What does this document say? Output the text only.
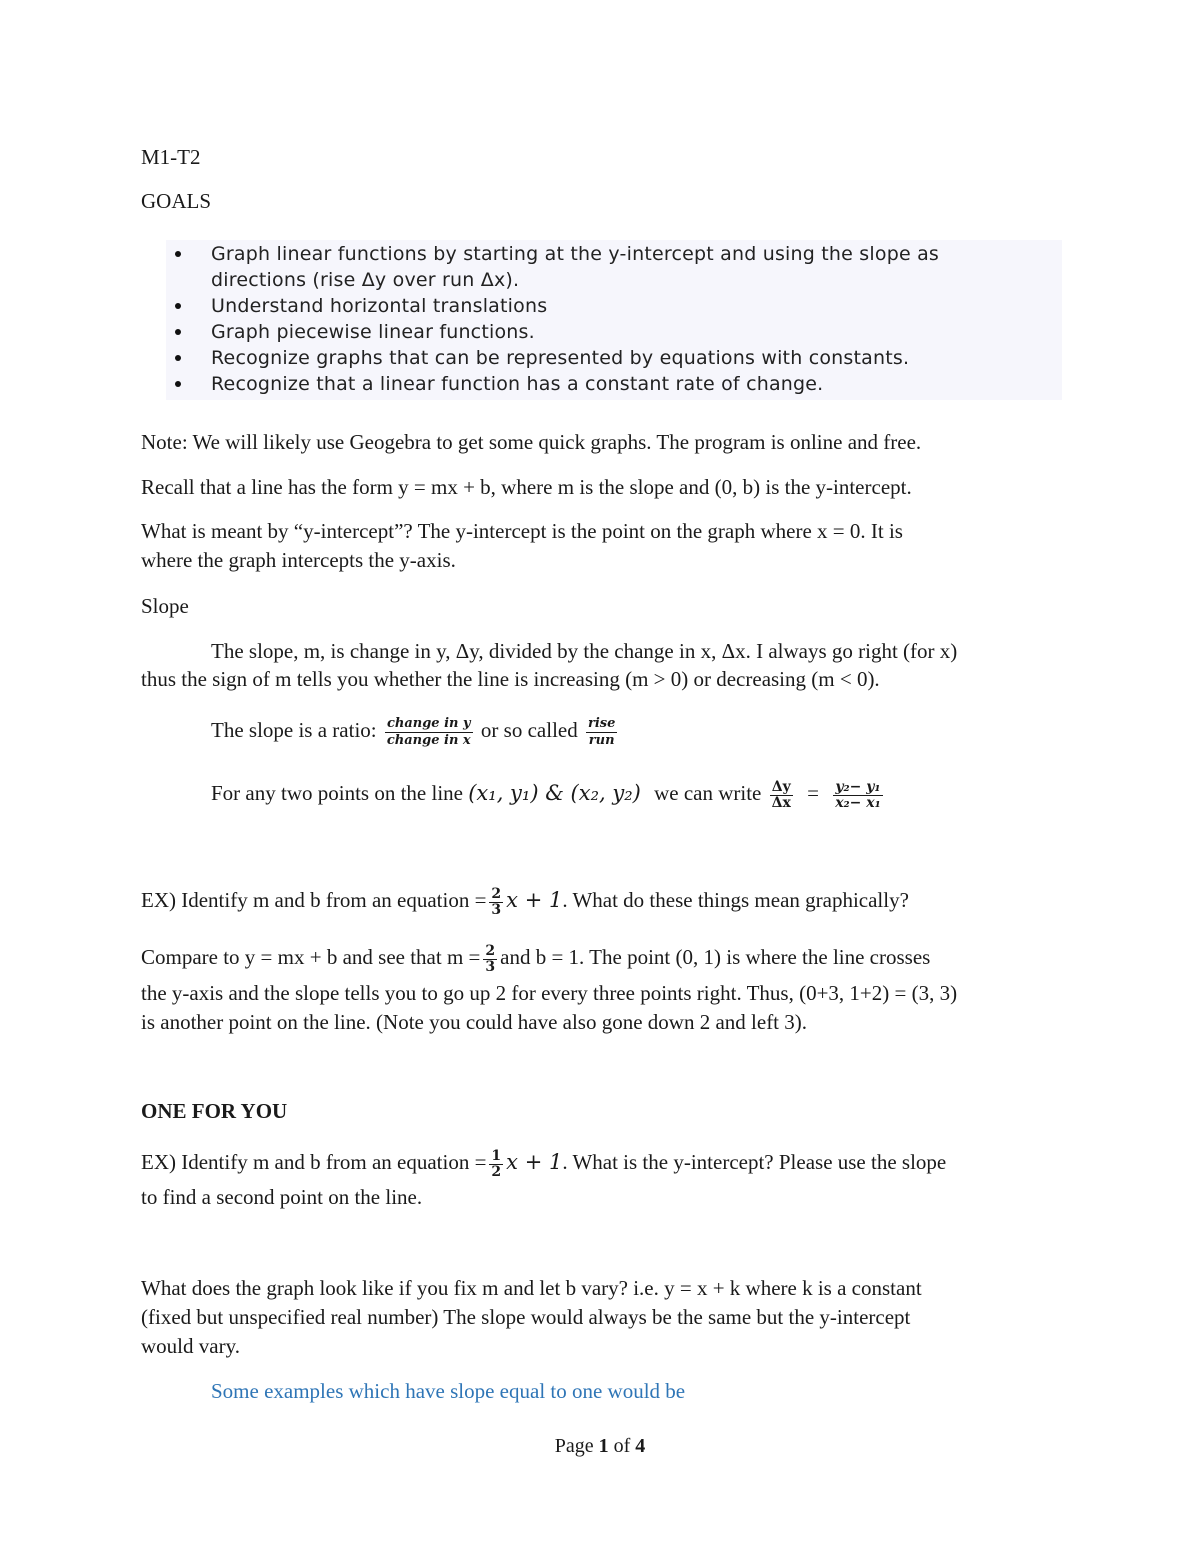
M1-T2
GOALS
Graph linear functions by starting at the y-intercept and using the slope as
directions (rise Δy over run Δx).
Understand horizontal translations
Graph piecewise linear functions.
Recognize graphs that can be represented by equations with constants.
Recognize that a linear function has a constant rate of change.
Note: We will likely use Geogebra to get some quick graphs. The program is online and free.
Recall that a line has the form y = mx + b, where m is the slope and (0, b) is the y-intercept.
What is meant by “y-intercept”? The y-intercept is the point on the graph where x = 0. It is
where the graph intercepts the y-axis.
Slope
The slope, m, is change in y, Δy, divided by the change in x, Δx. I always go right (for x)
thus the sign of m tells you whether the line is increasing (m > 0) or decreasing (m < 0).
The slope is a ratio: $\frac{\text{change in y}}{\text{change in x}}$ or so called $\frac{\text{rise}}{\text{run}}$
For any two points on the line (x₁, y₁) & (x₂, y₂) we can write $\frac{\Delta y}{\Delta x} = \frac{\text{y₂− y₁}}{\text{x₂− x₁}}$
EX) Identify m and b from an equation = $\frac{2}{3}$ x + 1. What do these things mean graphically?
Compare to y = mx + b and see that $m = \frac{2}{3}$ and b = 1. The point (0, 1) is where the line crosses
the y-axis and the slope tells you to go up 2 for every three points right. Thus, (0+3, 1+2) = (3, 3)
is another point on the line. (Note you could have also gone down 2 and left 3).
ONE FOR YOU
EX) Identify m and b from an equation = $\frac{1}{2}$ x + 1. What is the y-intercept? Please use the slope
to find a second point on the line.
What does the graph look like if you fix m and let b vary? i.e. y = x + k where k is a constant
(fixed but unspecified real number) The slope would always be the same but the y-intercept
would vary.
Some examples which have slope equal to one would be
Page 1 of 4
